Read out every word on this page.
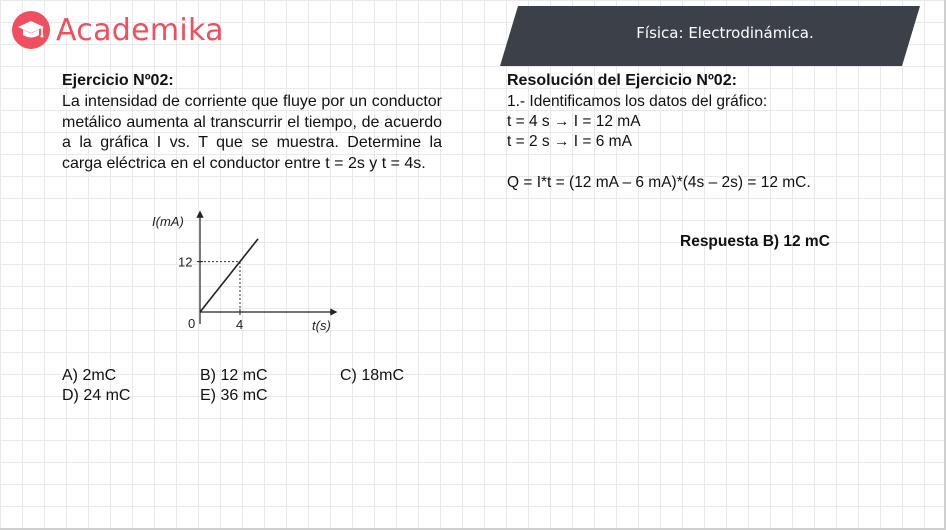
Academika	Física: Electrodinámica.
Ejercicio Nº02:
La intensidad de corriente que fluye por un conductor metálico aumenta al transcurrir el tiempo, de acuerdo a la gráfica I vs. T que se muestra. Determine la carga eléctrica en el conductor entre t = 2s y t = 4s.
I(mA)
t(s)
0	4
12
A) 2mC	B) 12 mC	C) 18mC
D) 24 mC	E) 36 mC
Resolución del Ejercicio Nº02:
1.- Identificamos los datos del gráfico:
t = 4 s → I = 12 mA
t = 2 s → I = 6 mA
Q = I*t = (12 mA – 6 mA)*(4s – 2s) = 12 mC.
Respuesta B) 12 mC
